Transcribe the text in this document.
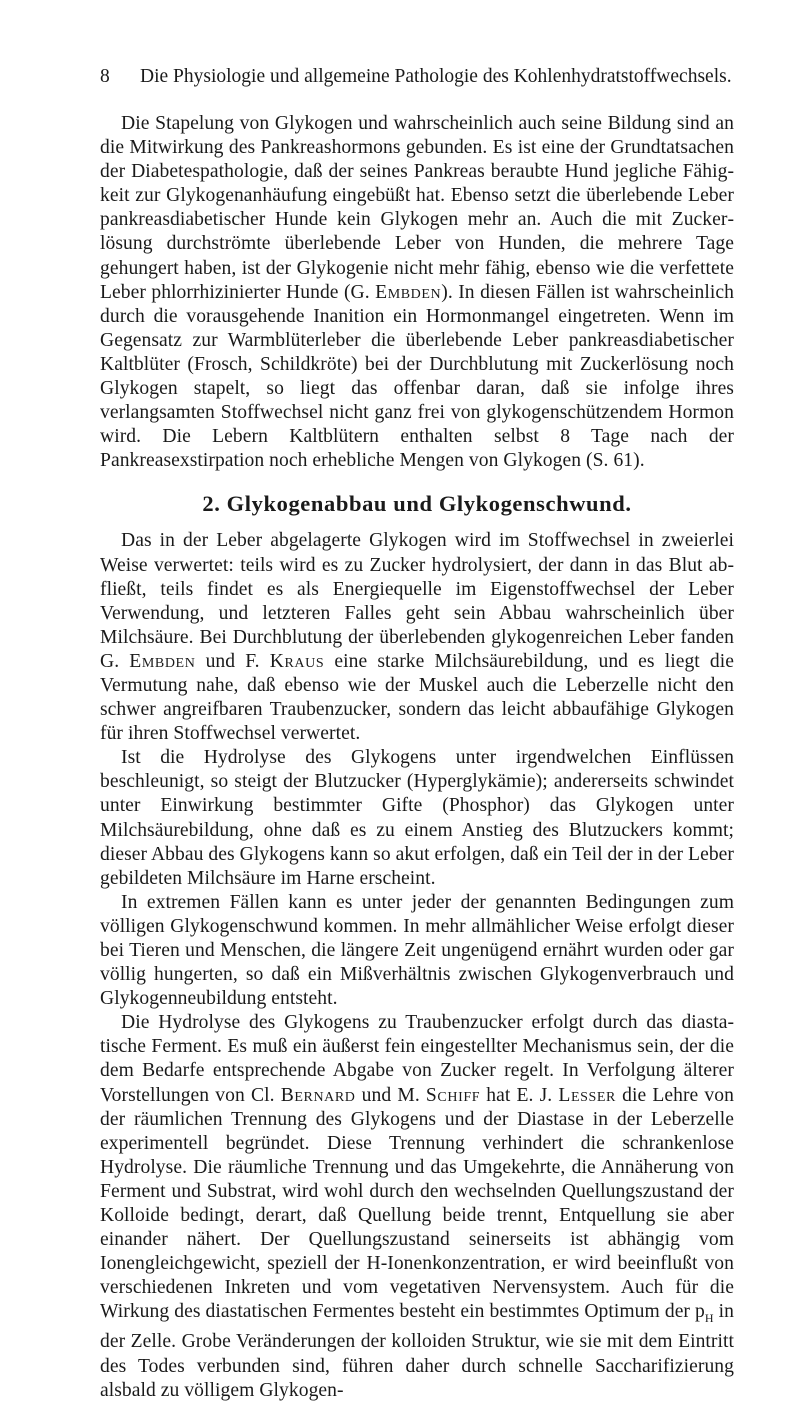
8	Die Physiologie und allgemeine Pathologie des Kohlenhydratstoffwechsels.

Die Stapelung von Glykogen und wahrscheinlich auch seine Bildung sind an die Mitwirkung des Pankreashormons gebunden. Es ist eine der Grundtatsachen der Diabetespathologie, daß der seines Pankreas beraubte Hund jegliche Fähigkeit zur Glykogenanhäufung eingebüßt hat. Ebenso setzt die überlebende Leber pankreasdiabetischer Hunde kein Glykogen mehr an. Auch die mit Zuckerlösung durchströmte überlebende Leber von Hunden, die mehrere Tage gehungert haben, ist der Glykogenie nicht mehr fähig, ebenso wie die verfettete Leber phlorrhizinierter Hunde (G. Embden). In diesen Fällen ist wahrscheinlich durch die vorausgehende Inanition ein Hormonmangel eingetreten. Wenn im Gegensatz zur Warmblüterleber die überlebende Leber pankreasdiabetischer Kaltblüter (Frosch, Schildkröte) bei der Durchblutung mit Zuckerlösung noch Glykogen stapelt, so liegt das offenbar daran, daß sie infolge ihres verlangsamten Stoffwechsel nicht ganz frei von glykogenschützendem Hormon wird. Die Lebern Kaltblütern enthalten selbst 8 Tage nach der Pankreasexstirpation noch erhebliche Mengen von Glykogen (S. 61).

2. Glykogenabbau und Glykogenschwund.

Das in der Leber abgelagerte Glykogen wird im Stoffwechsel in zweierlei Weise verwertet: teils wird es zu Zucker hydrolysiert, der dann in das Blut abfließt, teils findet es als Energiequelle im Eigenstoffwechsel der Leber Verwendung, und letzteren Falles geht sein Abbau wahrscheinlich über Milchsäure. Bei Durchblutung der überlebenden glykogenreichen Leber fanden G. Embden und F. Kraus eine starke Milchsäurebildung, und es liegt die Vermutung nahe, daß ebenso wie der Muskel auch die Leberzelle nicht den schwer angreifbaren Traubenzucker, sondern das leicht abbaufähige Glykogen für ihren Stoffwechsel verwertet.

Ist die Hydrolyse des Glykogens unter irgendwelchen Einflüssen beschleunigt, so steigt der Blutzucker (Hyperglykämie); andererseits schwindet unter Einwirkung bestimmter Gifte (Phosphor) das Glykogen unter Milchsäurebildung, ohne daß es zu einem Anstieg des Blutzuckers kommt; dieser Abbau des Glykogens kann so akut erfolgen, daß ein Teil der in der Leber gebildeten Milchsäure im Harne erscheint.

In extremen Fällen kann es unter jeder der genannten Bedingungen zum völligen Glykogenschwund kommen. In mehr allmählicher Weise erfolgt dieser bei Tieren und Menschen, die längere Zeit ungenügend ernährt wurden oder gar völlig hungerten, so daß ein Mißverhältnis zwischen Glykogenverbrauch und Glykogenneubildung entsteht.

Die Hydrolyse des Glykogens zu Traubenzucker erfolgt durch das diastatische Ferment. Es muß ein äußerst fein eingestellter Mechanismus sein, der die dem Bedarfe entsprechende Abgabe von Zucker regelt. In Verfolgung älterer Vorstellungen von Cl. Bernard und M. Schiff hat E. J. Lesser die Lehre von der räumlichen Trennung des Glykogens und der Diastase in der Leberzelle experimentell begründet. Diese Trennung verhindert die schrankenlose Hydrolyse. Die räumliche Trennung und das Umgekehrte, die Annäherung von Ferment und Substrat, wird wohl durch den wechselnden Quellungszustand der Kolloide bedingt, derart, daß Quellung beide trennt, Entquellung sie aber einander nähert. Der Quellungszustand seinerseits ist abhängig vom Ionengleichgewicht, speziell der H-Ionenkonzentration, er wird beeinflußt von verschiedenen Inkreten und vom vegetativen Nervensystem. Auch für die Wirkung des diastatischen Fermentes besteht ein bestimmtes Optimum der $p_H$ in der Zelle. Grobe Veränderungen der kolloiden Struktur, wie sie mit dem Eintritt des Todes verbunden sind, führen daher durch schnelle Saccharifizierung alsbald zu völligem Glykogen-
